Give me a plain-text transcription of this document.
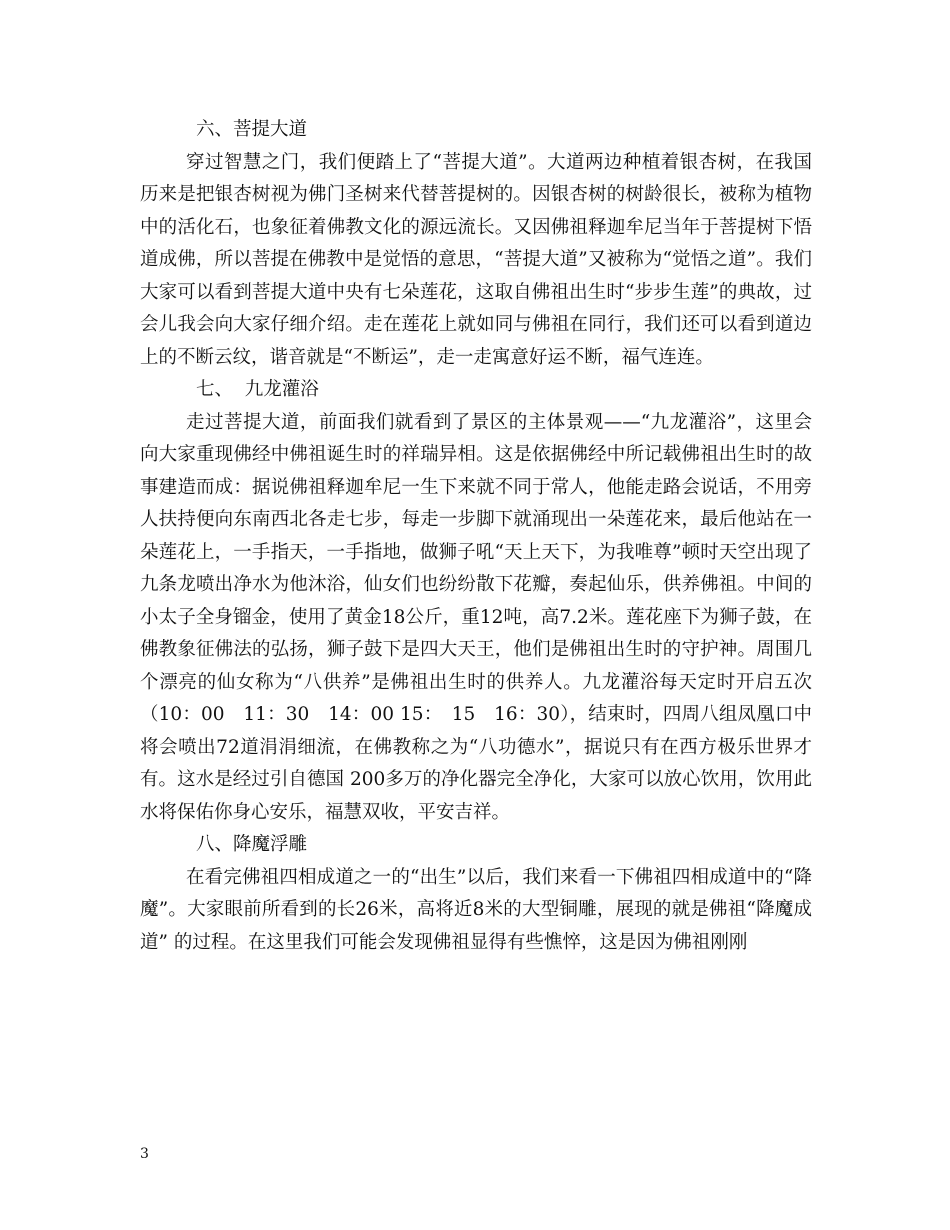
六、菩提大道

穿过智慧之门，我们便踏上了“菩提大道”。大道两边种植着银杏树，在我国历来是把银杏树视为佛门圣树来代替菩提树的。因银杏树的树龄很长，被称为植物中的活化石，也象征着佛教文化的源远流长。又因佛祖释迦牟尼当年于菩提树下悟道成佛，所以菩提在佛教中是觉悟的意思，“菩提大道”又被称为“觉悟之道”。我们大家可以看到菩提大道中央有七朵莲花，这取自佛祖出生时“步步生莲”的典故，过会儿我会向大家仔细介绍。走在莲花上就如同与佛祖在同行，我们还可以看到道边上的不断云纹，谐音就是“不断运”，走一走寓意好运不断，福气连连。

七、  九龙灌浴

走过菩提大道，前面我们就看到了景区的主体景观——“九龙灌浴”，这里会向大家重现佛经中佛祖诞生时的祥瑞异相。这是依据佛经中所记载佛祖出生时的故事建造而成：据说佛祖释迦牟尼一生下来就不同于常人，他能走路会说话，不用旁人扶持便向东南西北各走七步，每走一步脚下就涌现出一朵莲花来，最后他站在一朵莲花上，一手指天，一手指地，做狮子吼“天上天下，为我唯尊”顿时天空出现了九条龙喷出净水为他沐浴，仙女们也纷纷散下花瓣，奏起仙乐，供养佛祖。中间的小太子全身镏金，使用了黄金18公斤，重12吨，高7.2米。莲花座下为狮子鼓，在佛教象征佛法的弘扬，狮子鼓下是四大天王，他们是佛祖出生时的守护神。周围几个漂亮的仙女称为“八供养”是佛祖出生时的供养人。九龙灌浴每天定时开启五次（10：00　11：30　14：00 15：　15　16：30），结束时，四周八组凤凰口中将会喷出72道涓涓细流，在佛教称之为“八功德水”，据说只有在西方极乐世界才有。这水是经过引自德国 200多万的净化器完全净化，大家可以放心饮用，饮用此水将保佑你身心安乐，福慧双收，平安吉祥。

八、降魔浮雕

在看完佛祖四相成道之一的“出生”以后，我们来看一下佛祖四相成道中的“降魔”。大家眼前所看到的长26米，高将近8米的大型铜雕，展现的就是佛祖“降魔成道” 的过程。在这里我们可能会发现佛祖显得有些憔悴，这是因为佛祖刚刚

3
